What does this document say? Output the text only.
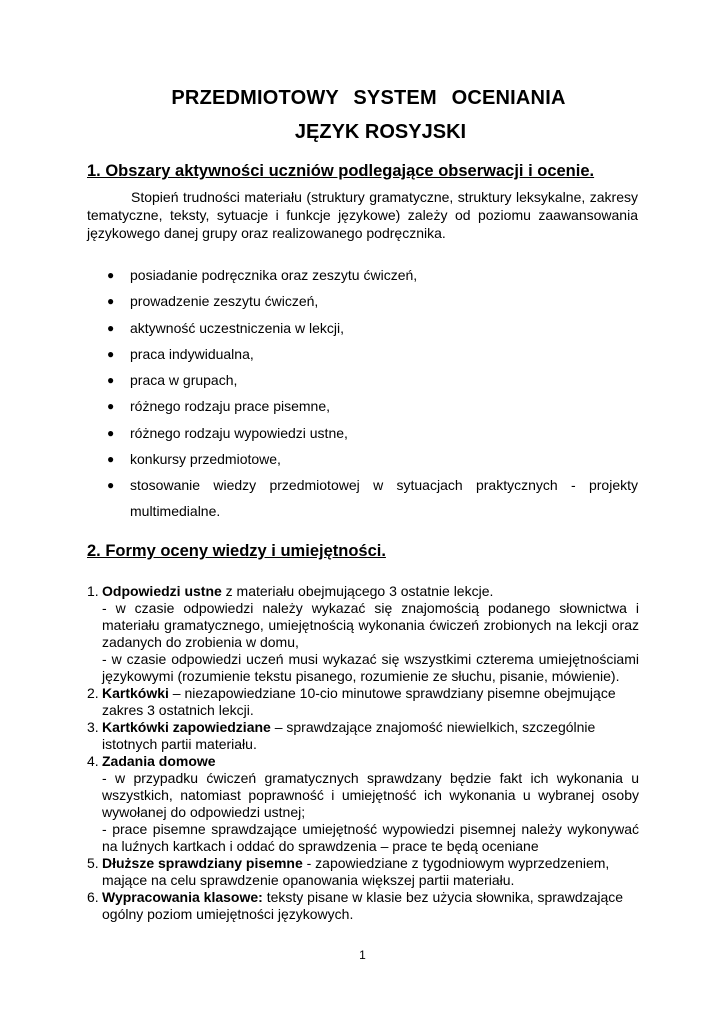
PRZEDMIOTOWY SYSTEM OCENIANIA
JĘZYK ROSYJSKI
1. Obszary aktywności uczniów podlegające obserwacji i ocenie.
Stopień trudności materiału (struktury gramatyczne, struktury leksykalne, zakresy tematyczne, teksty, sytuacje i funkcje językowe) zależy od poziomu zaawansowania językowego danej grupy oraz realizowanego podręcznika.
● posiadanie podręcznika oraz zeszytu ćwiczeń,
● prowadzenie zeszytu ćwiczeń,
● aktywność uczestniczenia w lekcji,
● praca indywidualna,
● praca w grupach,
● różnego rodzaju prace pisemne,
● różnego rodzaju wypowiedzi ustne,
● konkursy przedmiotowe,
● stosowanie wiedzy przedmiotowej w sytuacjach praktycznych - projekty multimedialne.
2. Formy oceny wiedzy i umiejętności.
1. Odpowiedzi ustne z materiału obejmującego 3 ostatnie lekcje.
- w czasie odpowiedzi należy wykazać się znajomością podanego słownictwa i materiału gramatycznego, umiejętnością wykonania ćwiczeń zrobionych na lekcji oraz zadanych do zrobienia w domu,
- w czasie odpowiedzi uczeń musi wykazać się wszystkimi czterema umiejętnościami językowymi (rozumienie tekstu pisanego, rozumienie ze słuchu, pisanie, mówienie).
2. Kartkówki – niezapowiedziane 10-cio minutowe sprawdziany pisemne obejmujące zakres 3 ostatnich lekcji.
3. Kartkówki zapowiedziane – sprawdzające znajomość niewielkich, szczególnie istotnych partii materiału.
4. Zadania domowe
- w przypadku ćwiczeń gramatycznych sprawdzany będzie fakt ich wykonania u wszystkich, natomiast poprawność i umiejętność ich wykonania u wybranej osoby wywołanej do odpowiedzi ustnej;
- prace pisemne sprawdzające umiejętność wypowiedzi pisemnej należy wykonywać na luźnych kartkach i oddać do sprawdzenia – prace te będą oceniane
5. Dłuższe sprawdziany pisemne - zapowiedziane z tygodniowym wyprzedzeniem, mające na celu sprawdzenie opanowania większej partii materiału.
6. Wypracowania klasowe: teksty pisane w klasie bez użycia słownika, sprawdzające ogólny poziom umiejętności językowych.
1
